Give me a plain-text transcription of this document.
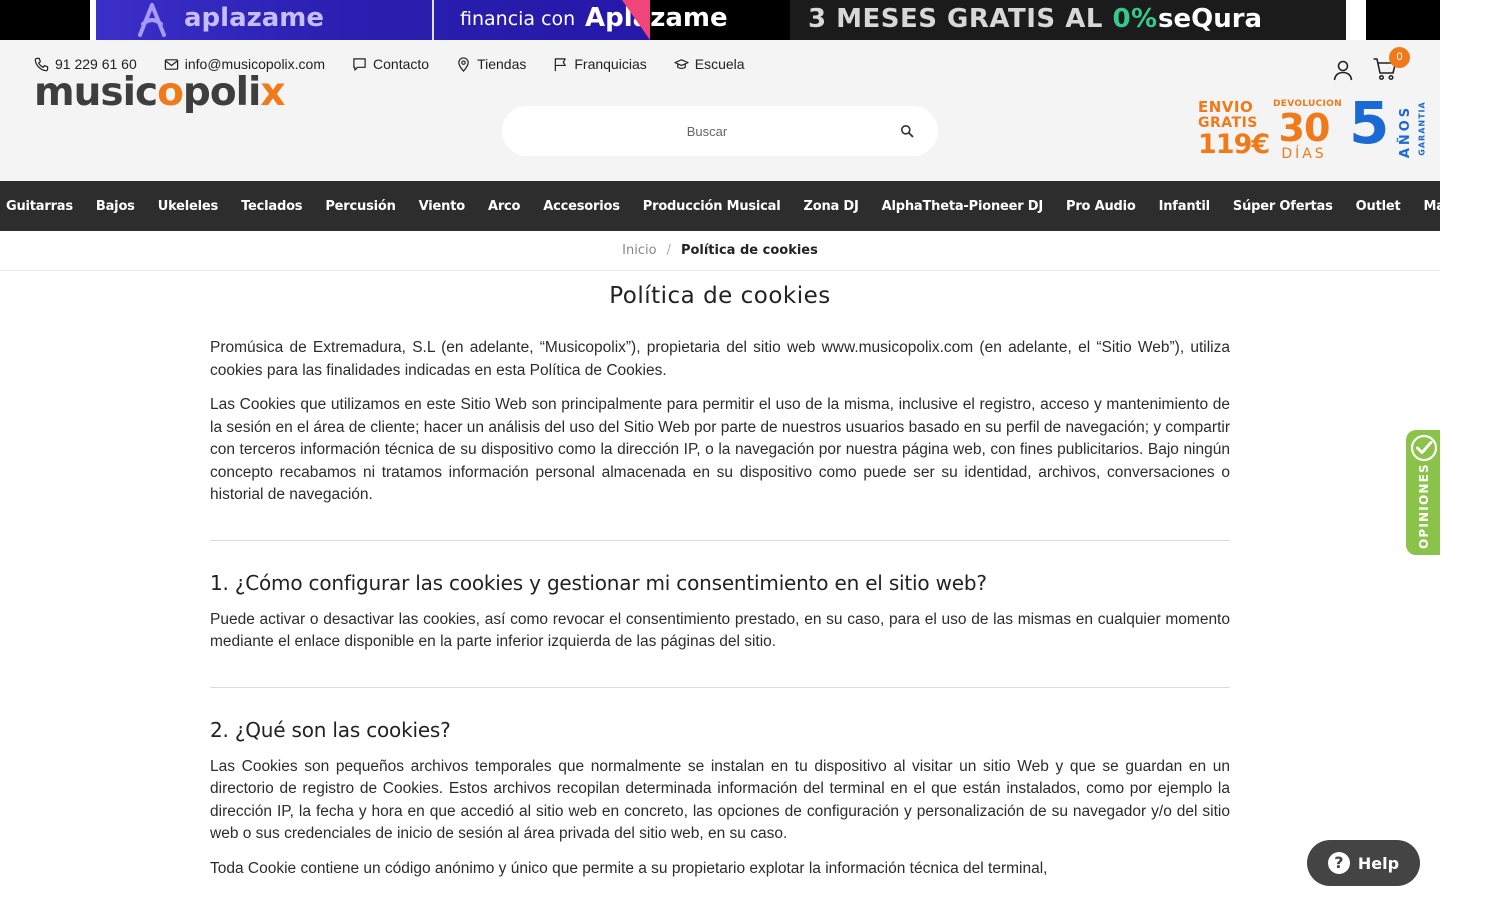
aplazame	financia con Aplazame	3 MESES GRATIS AL 0% seQura
91 229 61 60	info@musicopolix.com	Contacto	Tiendas	Franquicias	Escuela	0
musicopolix
Buscar	ENVIO
GRATIS
119€
DEVOLUCION
30
DÍAS 5 AÑOS GARANTIA
Guitarras	Bajos	Ukeleles	Teclados	Percusión	Viento	Arco	Accesorios	Producción Musical	Zona DJ	AlphaTheta-Pioneer DJ	Pro Audio	Infantil	Súper Ofertas	Outlet	Marcas
Inicio / Política de cookies
Política de cookies

Promúsica de Extremadura, S.L (en adelante, “Musicopolix”), propietaria del sitio web www.musicopolix.com (en adelante, el “Sitio Web”), utiliza cookies para las finalidades indicadas en esta Política de Cookies.

Las Cookies que utilizamos en este Sitio Web son principalmente para permitir el uso de la misma, inclusive el registro, acceso y mantenimiento de la sesión en el área de cliente; hacer un análisis del uso del Sitio Web por parte de nuestros usuarios basado en su perfil de navegación; y compartir con terceros información técnica de su dispositivo como la dirección IP, o la navegación por nuestra página web, con fines publicitarios. Bajo ningún concepto recabamos ni tratamos información personal almacenada en su dispositivo como puede ser su identidad, archivos, conversaciones o historial de navegación.

1. ¿Cómo configurar las cookies y gestionar mi consentimiento en el sitio web?

Puede activar o desactivar las cookies, así como revocar el consentimiento prestado, en su caso, para el uso de las mismas en cualquier momento mediante el enlace disponible en la parte inferior izquierda de las páginas del sitio.

2. ¿Qué son las cookies?

Las Cookies son pequeños archivos temporales que normalmente se instalan en tu dispositivo al visitar un sitio Web y que se guardan en un directorio de registro de Cookies. Estos archivos recopilan determinada información del terminal en el que están instalados, como por ejemplo la dirección IP, la fecha y hora en que accedió al sitio web en concreto, las opciones de configuración y personalización de su navegador y/o del sitio web o sus credenciales de inicio de sesión al área privada del sitio web, en su caso.

Toda Cookie contiene un código anónimo y único que permite a su propietario explotar la información técnica del terminal,

OPINIONES
? Help
